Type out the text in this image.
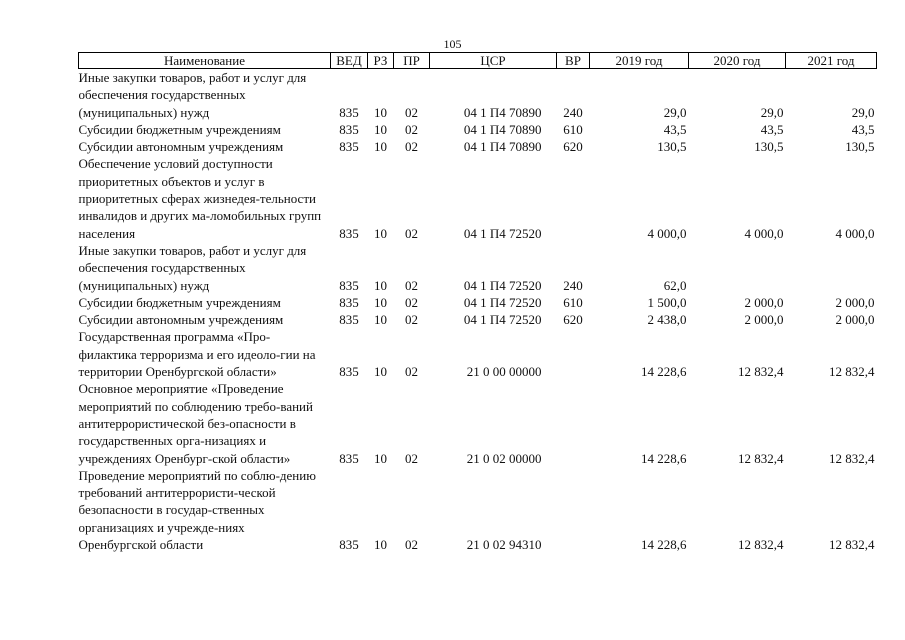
105
Наименование	ВЕД	РЗ	ПР	ЦСР	ВР	2019 год	2020 год	2021 год
Иные закупки товаров, работ и услуг для обеспечения государственных (муниципальных) нужд	835	10	02	04 1 П4 70890	240	29,0	29,0	29,0
Субсидии бюджетным учреждениям	835	10	02	04 1 П4 70890	610	43,5	43,5	43,5
Субсидии автономным учреждениям	835	10	02	04 1 П4 70890	620	130,5	130,5	130,5
Обеспечение условий доступности приоритетных объектов и услуг в приоритетных сферах жизнедея-тельности инвалидов и других ма-ломобильных групп населения	835	10	02	04 1 П4 72520		4 000,0	4 000,0	4 000,0
Иные закупки товаров, работ и услуг для обеспечения государственных (муниципальных) нужд	835	10	02	04 1 П4 72520	240	62,0		
Субсидии бюджетным учреждениям	835	10	02	04 1 П4 72520	610	1 500,0	2 000,0	2 000,0
Субсидии автономным учреждениям	835	10	02	04 1 П4 72520	620	2 438,0	2 000,0	2 000,0
Государственная программа «Про-филактика терроризма и его идеоло-гии на территории Оренбургской области»	835	10	02	21 0 00 00000		14 228,6	12 832,4	12 832,4
Основное мероприятие «Проведение мероприятий по соблюдению требо-ваний антитеррористической без-опасности в государственных орга-низациях и учреждениях Оренбург-ской области»	835	10	02	21 0 02 00000		14 228,6	12 832,4	12 832,4
Проведение мероприятий по соблю-дению требований антитеррористи-ческой безопасности в государ-ственных организациях и учрежде-ниях Оренбургской области	835	10	02	21 0 02 94310		14 228,6	12 832,4	12 832,4
